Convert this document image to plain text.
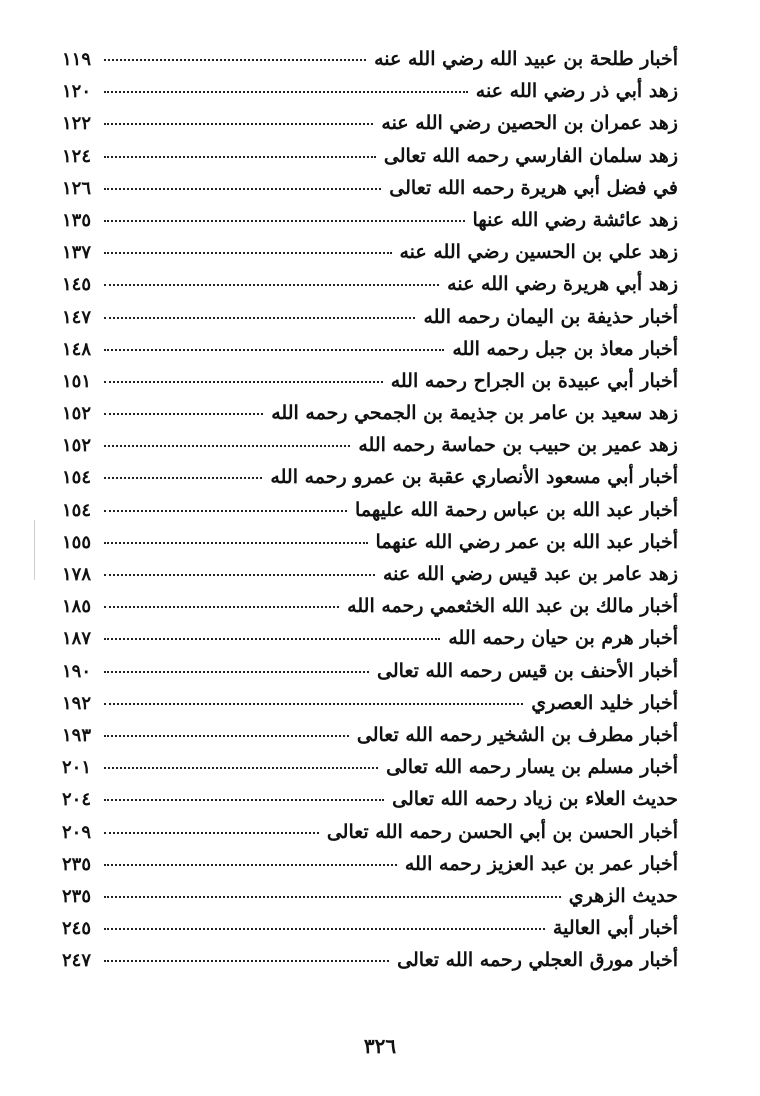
١١٩	أخبار طلحة بن عبيد الله رضي الله عنه
١٢٠	زهد أبي ذر رضي الله عنه
١٢٢	زهد عمران بن الحصين رضي الله عنه
١٢٤	زهد سلمان الفارسي رحمه الله تعالى
١٢٦	في فضل أبي هريرة رحمه الله تعالى
١٣٥	زهد عائشة رضي الله عنها
١٣٧	زهد علي بن الحسين رضي الله عنه
١٤٥	زهد أبي هريرة رضي الله عنه
١٤٧	أخبار حذيفة بن اليمان رحمه الله
١٤٨	أخبار معاذ بن جبل رحمه الله
١٥١	أخبار أبي عبيدة بن الجراح رحمه الله
١٥٢	زهد سعيد بن عامر بن جذيمة بن الجمحي رحمه الله
١٥٢	زهد عمير بن حبيب بن حماسة رحمه الله
١٥٤	أخبار أبي مسعود الأنصاري عقبة بن عمرو رحمه الله
١٥٤	أخبار عبد الله بن عباس رحمة الله عليهما
١٥٥	أخبار عبد الله بن عمر رضي الله عنهما
١٧٨	زهد عامر بن عبد قيس رضي الله عنه
١٨٥	أخبار مالك بن عبد الله الخثعمي رحمه الله
١٨٧	أخبار هرم بن حيان رحمه الله
١٩٠	أخبار الأحنف بن قيس رحمه الله تعالى
١٩٢	أخبار خليد العصري
١٩٣	أخبار مطرف بن الشخير رحمه الله تعالى
٢٠١	أخبار مسلم بن يسار رحمه الله تعالى
٢٠٤	حديث العلاء بن زياد رحمه الله تعالى
٢٠٩	أخبار الحسن بن أبي الحسن رحمه الله تعالى
٢٣٥	أخبار عمر بن عبد العزيز رحمه الله
٢٣٥	حديث الزهري
٢٤٥	أخبار أبي العالية
٢٤٧	أخبار مورق العجلي رحمه الله تعالى
٣٢٦
